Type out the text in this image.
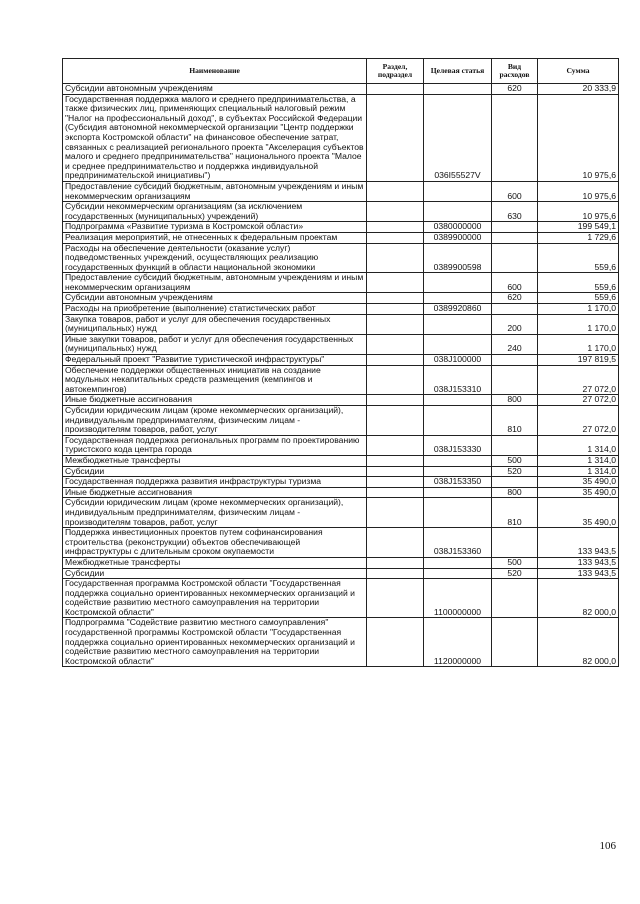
Наименование	Раздел, подраздел	Целевая статья	Вид расходов	Сумма
Субсидии автономным учреждениям			620	20 333,9
Государственная поддержка малого и среднего предпринимательства, а также физических лиц, применяющих специальный налоговый режим "Налог на профессиональный доход", в субъектах Российской Федерации (Субсидия автономной некоммерческой организации "Центр поддержки экспорта Костромской области" на финансовое обеспечение затрат, связанных с реализацией регионального проекта "Акселерация субъектов малого и среднего предпринимательства" национального проекта "Малое и среднее предпринимательство и поддержка индивидуальной предпринимательской инициативы")		036I55527V		10 975,6
Предоставление субсидий бюджетным, автономным учреждениям и иным некоммерческим организациям			600	10 975,6
Субсидии некоммерческим организациям (за исключением государственных (муниципальных) учреждений)			630	10 975,6
Подпрограмма «Развитие туризма в Костромской области»		0380000000		199 549,1
Реализация мероприятий, не отнесенных к федеральным проектам		0389900000		1 729,6
Расходы на обеспечение деятельности (оказание услуг) подведомственных учреждений, осуществляющих реализацию государственных функций в области национальной экономики		0389900598		559,6
Предоставление субсидий бюджетным, автономным учреждениям и иным некоммерческим организациям			600	559,6
Субсидии автономным учреждениям			620	559,6
Расходы на приобретение (выполнение) статистических работ		0389920860		1 170,0
Закупка товаров, работ и услуг для обеспечения государственных (муниципальных) нужд			200	1 170,0
Иные закупки товаров, работ и услуг для обеспечения государственных (муниципальных) нужд			240	1 170,0
Федеральный проект "Развитие туристической инфраструктуры"		038J100000		197 819,5
Обеспечение поддержки общественных инициатив на создание модульных некапитальных средств размещения (кемпингов и автокемпингов)		038J153310		27 072,0
Иные бюджетные ассигнования			800	27 072,0
Субсидии юридическим лицам (кроме некоммерческих организаций), индивидуальным предпринимателям, физическим лицам - производителям товаров, работ, услуг			810	27 072,0
Государственная поддержка региональных программ по проектированию туристского кода центра города		038J153330		1 314,0
Межбюджетные трансферты			500	1 314,0
Субсидии			520	1 314,0
Государственная поддержка развития инфраструктуры туризма		038J153350		35 490,0
Иные бюджетные ассигнования			800	35 490,0
Субсидии юридическим лицам (кроме некоммерческих организаций), индивидуальным предпринимателям, физическим лицам - производителям товаров, работ, услуг			810	35 490,0
Поддержка инвестиционных проектов путем софинансирования строительства (реконструкции) объектов обеспечивающей инфраструктуры с длительным сроком окупаемости		038J153360		133 943,5
Межбюджетные трансферты			500	133 943,5
Субсидии			520	133 943,5
Государственная программа Костромской области "Государственная поддержка социально ориентированных некоммерческих организаций и содействие развитию местного самоуправления на территории Костромской области"		1100000000		82 000,0
Подпрограмма "Содействие развитию местного самоуправления" государственной программы Костромской области "Государственная поддержка социально ориентированных некоммерческих организаций и содействие развитию местного самоуправления на территории Костромской области"		1120000000		82 000,0
106
